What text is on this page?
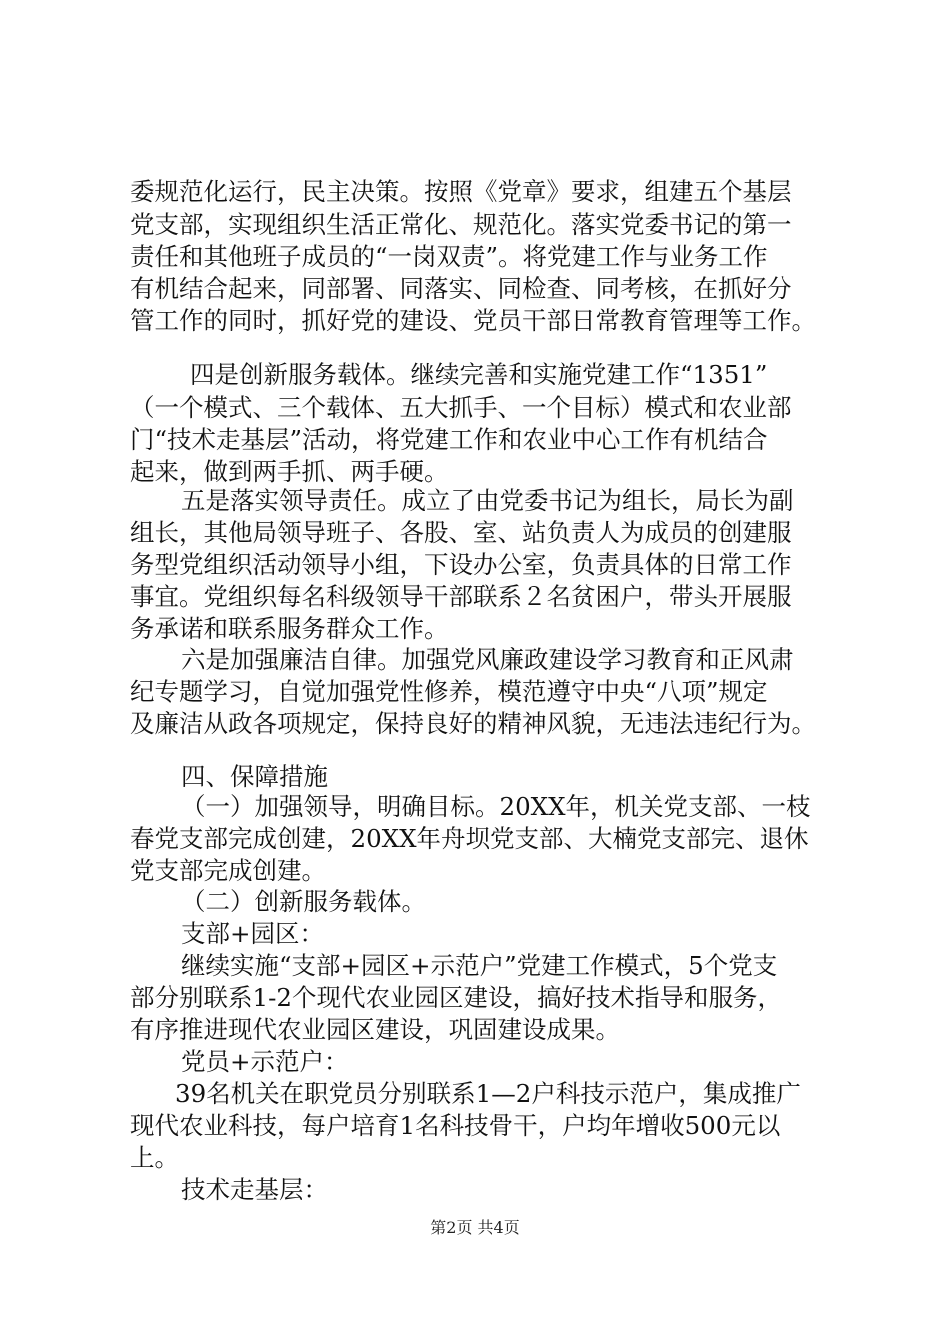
委规范化运行，民主决策。按照《党章》要求，组建五个基层
党支部，实现组织生活正常化、规范化。落实党委书记的第一
责任和其他班子成员的“一岗双责”。将党建工作与业务工作
有机结合起来，同部署、同落实、同检查、同考核，在抓好分
管工作的同时，抓好党的建设、党员干部日常教育管理等工作。
四是创新服务载体。继续完善和实施党建工作“1351”
（一个模式、三个载体、五大抓手、一个目标）模式和农业部
门“技术走基层”活动，将党建工作和农业中心工作有机结合
起来，做到两手抓、两手硬。
五是落实领导责任。成立了由党委书记为组长，局长为副
组长，其他局领导班子、各股、室、站负责人为成员的创建服
务型党组织活动领导小组，下设办公室，负责具体的日常工作
事宜。党组织每名科级领导干部联系２名贫困户，带头开展服
务承诺和联系服务群众工作。
六是加强廉洁自律。加强党风廉政建设学习教育和正风肃
纪专题学习，自觉加强党性修养，模范遵守中央“八项”规定
及廉洁从政各项规定，保持良好的精神风貌，无违法违纪行为。
四、保障措施
（一）加强领导，明确目标。20XX年，机关党支部、一枝
春党支部完成创建，20XX年舟坝党支部、大楠党支部完、退休
党支部完成创建。
（二）创新服务载体。
支部+园区：
继续实施“支部+园区+示范户”党建工作模式，5个党支
部分别联系1-2个现代农业园区建设，搞好技术指导和服务，
有序推进现代农业园区建设，巩固建设成果。
党员+示范户：
39名机关在职党员分别联系1—2户科技示范户，集成推广
现代农业科技，每户培育1名科技骨干，户均年增收500元以
上。
技术走基层：
第2页 共4页
